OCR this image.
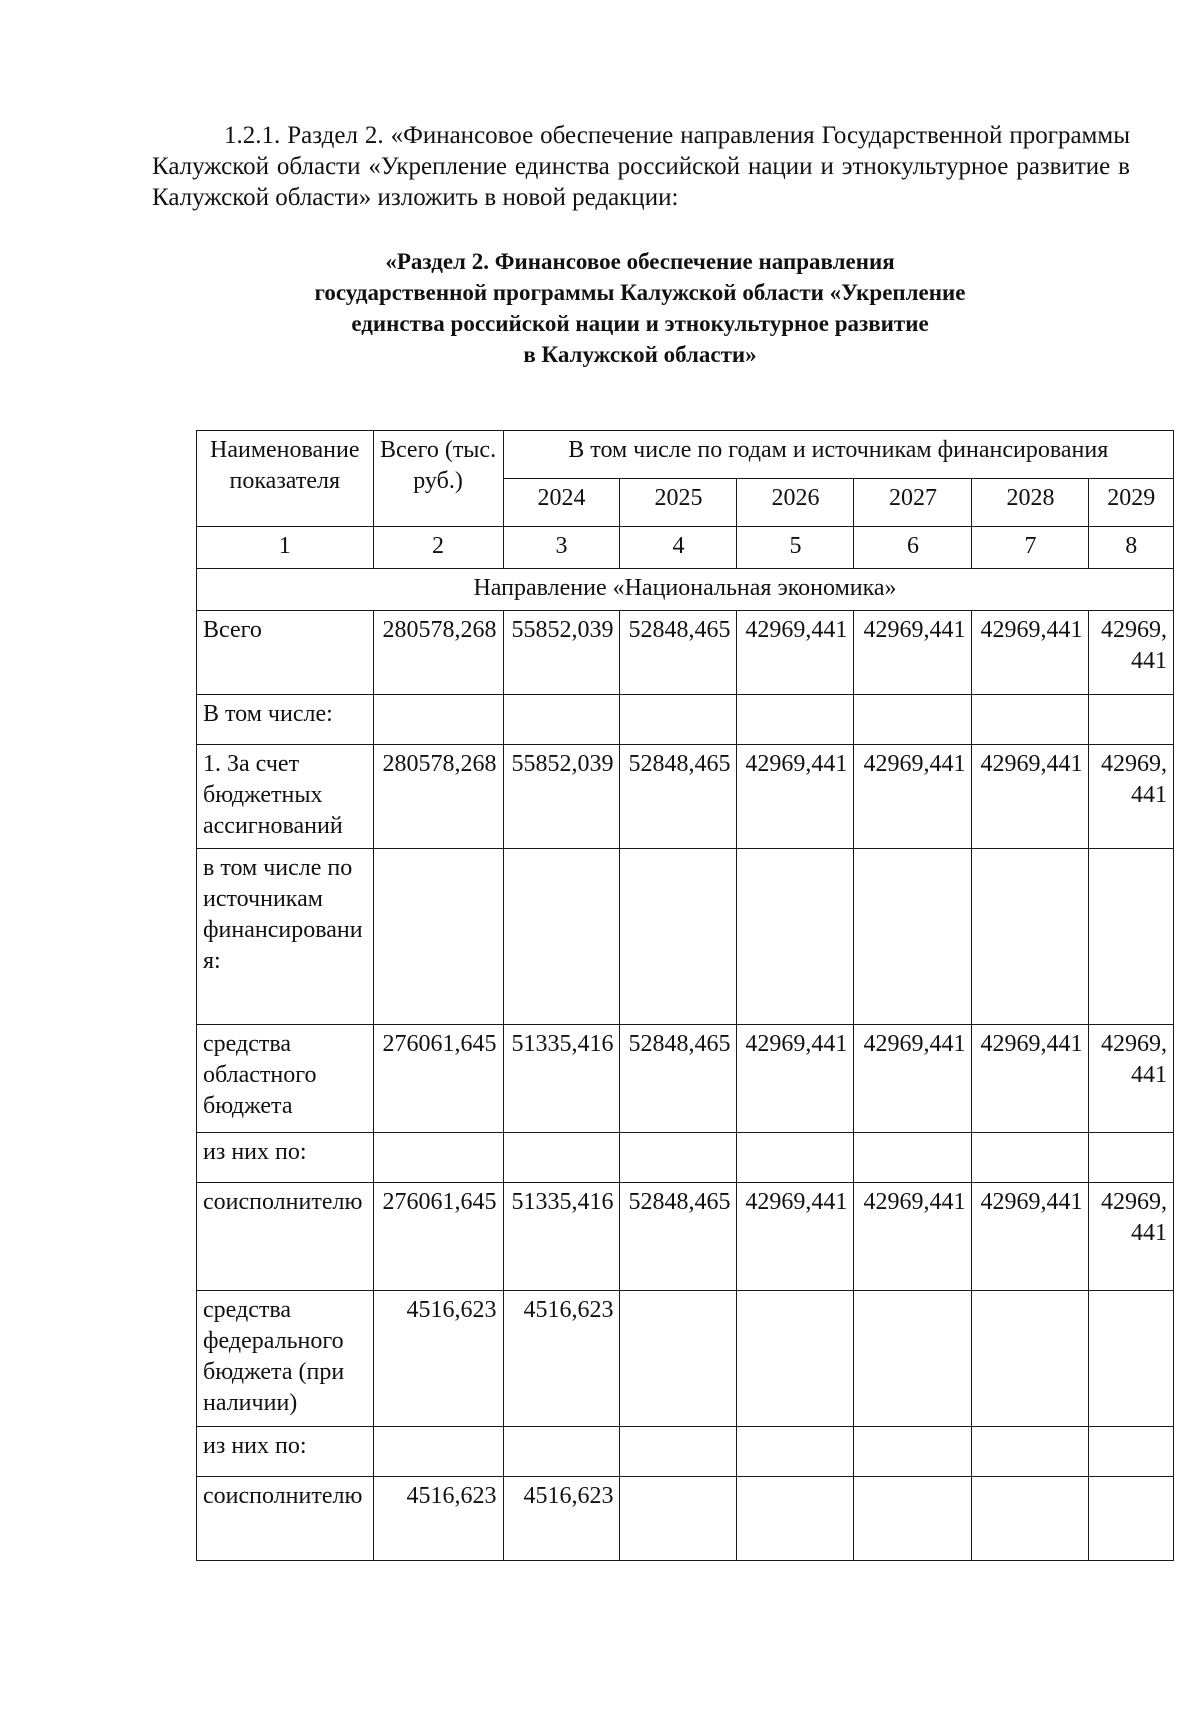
1.2.1. Раздел 2. «Финансовое обеспечение направления Государственной программы Калужской области «Укрепление единства российской нации и этнокультурное развитие в Калужской области» изложить в новой редакции:

«Раздел 2. Финансовое обеспечение направления
государственной программы Калужской области «Укрепление
единства российской нации и этнокультурное развитие
в Калужской области»
Наименование показателя	Всего (тыс. руб.)	В том числе по годам и источникам финансирования					
		2024	2025	2026	2027	2028	2029
1	2	3	4	5	6	7	8
Направление «Национальная экономика»							
Всего	280578,268	55852,039	52848,465	42969,441	42969,441	42969,441	42969,441
В том числе:							
1. За счет бюджетных ассигнований	280578,268	55852,039	52848,465	42969,441	42969,441	42969,441	42969,441
в том числе по источникам финансирования:							
средства областного бюджета	276061,645	51335,416	52848,465	42969,441	42969,441	42969,441	42969,441
из них по:							
соисполнителю	276061,645	51335,416	52848,465	42969,441	42969,441	42969,441	42969,441
средства федерального бюджета (при наличии)	4516,623	4516,623					
из них по:							
соисполнителю	4516,623	4516,623					
